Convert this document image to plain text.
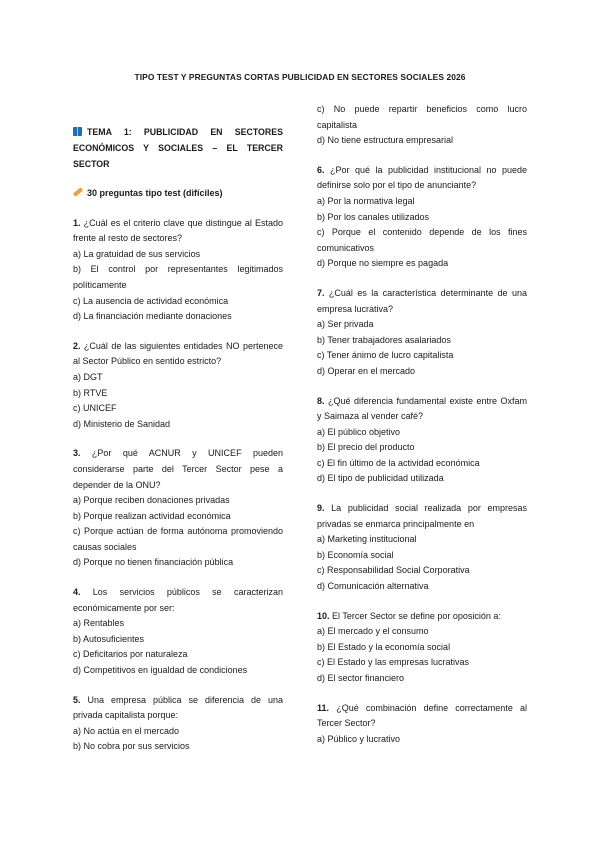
TIPO TEST Y PREGUNTAS CORTAS PUBLICIDAD EN SECTORES SOCIALES 2026
TEMA 1: PUBLICIDAD EN SECTORES ECONÓMICOS Y SOCIALES – EL TERCER SECTOR
30 preguntas tipo test (difíciles)
1. ¿Cuál es el criterio clave que distingue al Estado frente al resto de sectores?
a) La gratuidad de sus servicios
b) El control por representantes legitimados políticamente
c) La ausencia de actividad económica
d) La financiación mediante donaciones
2. ¿Cuál de las siguientes entidades NO pertenece al Sector Público en sentido estricto?
a) DGT
b) RTVE
c) UNICEF
d) Ministerio de Sanidad
3. ¿Por qué ACNUR y UNICEF pueden considerarse parte del Tercer Sector pese a depender de la ONU?
a) Porque reciben donaciones privadas
b) Porque realizan actividad económica
c) Porque actúan de forma autónoma promoviendo causas sociales
d) Porque no tienen financiación pública
4. Los servicios públicos se caracterizan económicamente por ser:
a) Rentables
b) Autosuficientes
c) Deficitarios por naturaleza
d) Competitivos en igualdad de condiciones
5. Una empresa pública se diferencia de una privada capitalista porque:
a) No actúa en el mercado
b) No cobra por sus servicios
c) No puede repartir beneficios como lucro capitalista
d) No tiene estructura empresarial
6. ¿Por qué la publicidad institucional no puede definirse solo por el tipo de anunciante?
a) Por la normativa legal
b) Por los canales utilizados
c) Porque el contenido depende de los fines comunicativos
d) Porque no siempre es pagada
7. ¿Cuál es la característica determinante de una empresa lucrativa?
a) Ser privada
b) Tener trabajadores asalariados
c) Tener ánimo de lucro capitalista
d) Operar en el mercado
8. ¿Qué diferencia fundamental existe entre Oxfam y Saimaza al vender café?
a) El público objetivo
b) El precio del producto
c) El fin último de la actividad económica
d) El tipo de publicidad utilizada
9. La publicidad social realizada por empresas privadas se enmarca principalmente en
a) Marketing institucional
b) Economía social
c) Responsabilidad Social Corporativa
d) Comunicación alternativa
10. El Tercer Sector se define por oposición a:
a) El mercado y el consumo
b) El Estado y la economía social
c) El Estado y las empresas lucrativas
d) El sector financiero
11. ¿Qué combinación define correctamente al Tercer Sector?
a) Público y lucrativo
